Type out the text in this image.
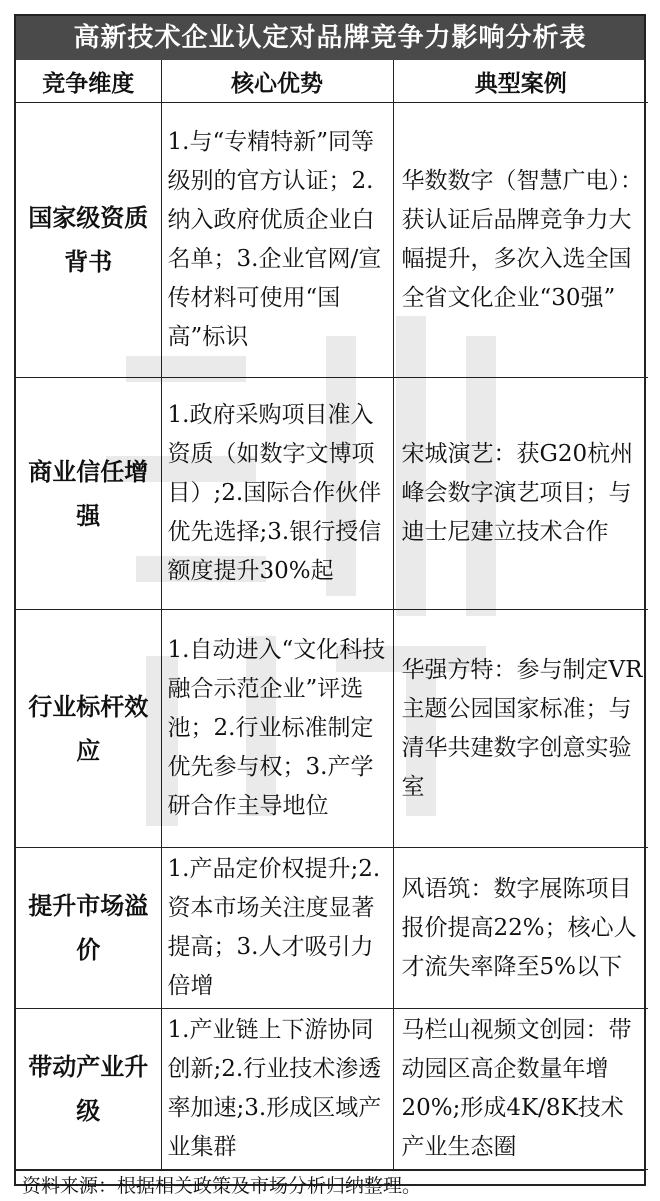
高新技术企业认定对品牌竞争力影响分析表
竞争维度	核心优势	典型案例
国家级资质背书	1.与“专精特新”同等级别的官方认证；2.纳入政府优质企业白名单；3.企业官网/宣传材料可使用“国高”标识	华数数字（智慧广电）：获认证后品牌竞争力大幅提升，多次入选全国全省文化企业“30强”
商业信任增强	1.政府采购项目准入资质（如数字文博项目）;2.国际合作伙伴优先选择;3.银行授信额度提升30%起	宋城演艺：获G20杭州峰会数字演艺项目；与迪士尼建立技术合作
行业标杆效应	1.自动进入“文化科技融合示范企业”评选池；2.行业标准制定优先参与权；3.产学研合作主导地位	华强方特：参与制定VR主题公园国家标准；与清华共建数字创意实验室
提升市场溢价	1.产品定价权提升;2.资本市场关注度显著提高；3.人才吸引力倍增	风语筑：数字展陈项目报价提高22%；核心人才流失率降至5%以下
带动产业升级	1.产业链上下游协同创新;2.行业技术渗透率加速;3.形成区域产业集群	马栏山视频文创园：带动园区高企数量年增20%;形成4K/8K技术产业生态圈
资料来源：根据相关政策及市场分析归纳整理。
